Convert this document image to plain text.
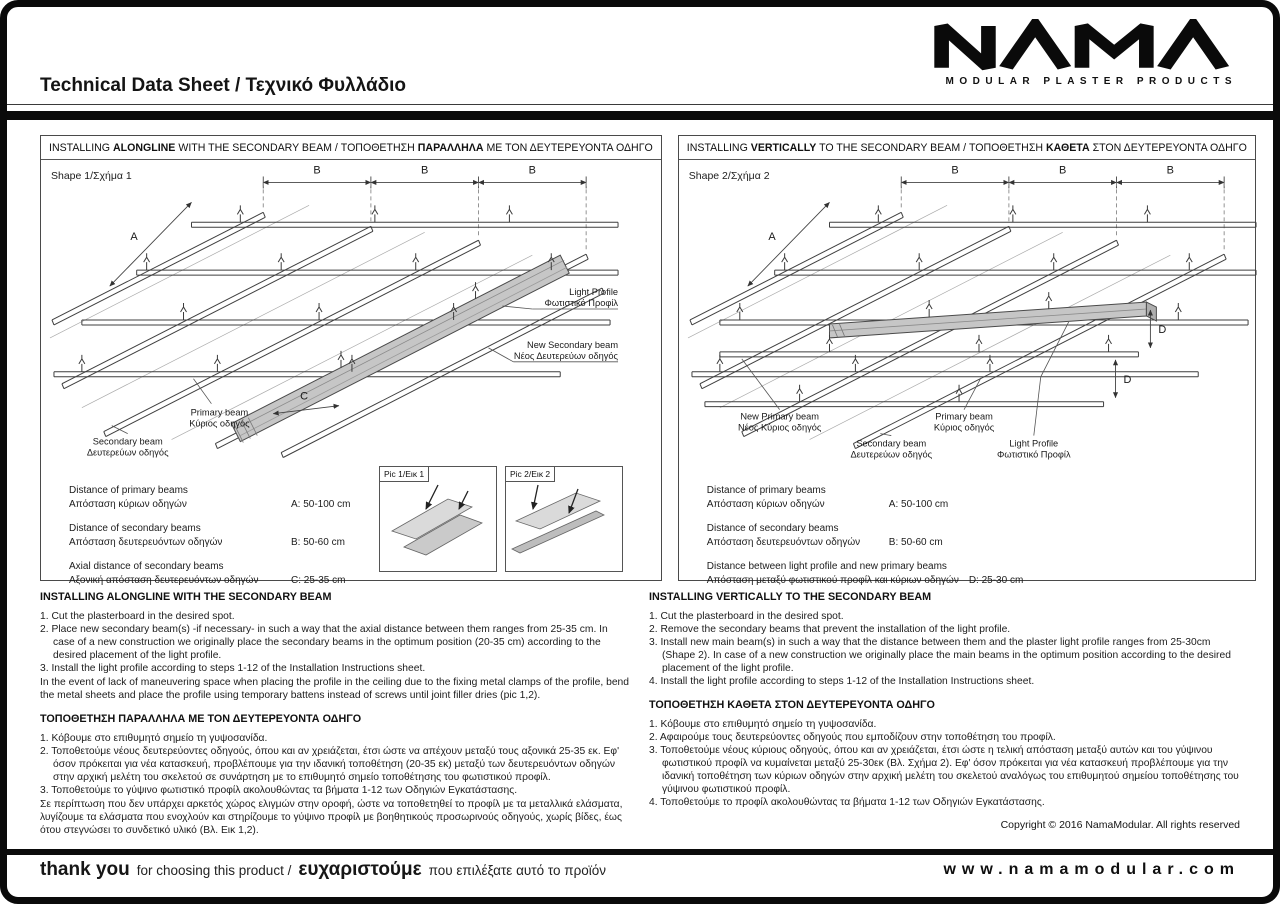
Technical Data Sheet / Τεχνικό Φυλλάδιο	MODULAR PLASTER PRODUCTS
INSTALLING ALONGLINE WITH THE SECONDARY BEAM / ΤΟΠΟΘΕΤΗΣΗ ΠΑΡΑΛΛΗΛΑ ΜΕ ΤΟΝ ΔΕΥΤΕΡΕΥΟΝΤΑ ΟΔΗΓΟ
Shape 1/Σχήμα 1	B	B	B
A
C
Light Profile
Φωτιστικό Προφίλ
New Secondary beam
Νέος Δευτερεύων οδηγός
Primary beam
Κύριος οδηγός
Secondary beam
Δευτερεύων οδηγός
Distance of primary beams
Απόσταση κύριων οδηγών	A: 50-100 cm
Distance of secondary beams
Απόσταση δευτερευόντων οδηγών	B: 50-60 cm
Axial distance of secondary beams
Αξονική απόσταση δευτερευόντων οδηγών	C: 25-35 cm
Pic 1/Εικ 1	Pic 2/Εικ 2
INSTALLING VERTICALLY TO THE SECONDARY BEAM / ΤΟΠΟΘΕΤΗΣΗ ΚΑΘΕΤΑ ΣΤΟΝ ΔΕΥΤΕΡΕΥΟΝΤΑ ΟΔΗΓΟ
Shape 2/Σχήμα 2	B	B	B
A
D
D
New Primary beam
Νέος Κύριος οδηγός
Secondary beam
Δευτερεύων οδηγός
Primary beam
Κύριος οδηγός
Light Profile
Φωτιστικό Προφίλ
Distance of primary beams
Απόσταση κύριων οδηγών	A: 50-100 cm
Distance of secondary beams
Απόσταση δευτερευόντων οδηγών	B: 50-60 cm
Distance between light profile and new primary beams
Απόσταση μεταξύ φωτιστικού προφίλ και κύριων οδηγών D: 25-30 cm
INSTALLING ALONGLINE WITH THE SECONDARY BEAM
1. Cut the plasterboard in the desired spot.
2. Place new secondary beam(s) -if necessary- in such a way that the axial distance between them ranges from 25-35 cm. In case of a new construction we originally place the secondary beams in the optimum position (20-35 cm) according to the desired placement of the light profile.
3. Install the light profile according to steps 1-12 of the Installation Instructions sheet.
In the event of lack of maneuvering space when placing the profile in the ceiling due to the fixing metal clamps of the profile, bend the metal sheets and place the profile using temporary battens instead of screws until joint filler dries (pic 1,2).
ΤΟΠΟΘΕΤΗΣΗ ΠΑΡΑΛΛΗΛΑ ΜΕ ΤΟΝ ΔΕΥΤΕΡΕΥΟΝΤΑ ΟΔΗΓΟ
1. Κόβουμε στο επιθυμητό σημείο τη γυψοσανίδα.
2. Τοποθετούμε νέους δευτερεύοντες οδηγούς, όπου και αν χρειάζεται, έτσι ώστε να απέχουν μεταξύ τους αξονικά 25-35 εκ. Εφ' όσον πρόκειται για νέα κατασκευή, προβλέπουμε για την ιδανική τοποθέτηση (20-35 εκ) μεταξύ των δευτερευόντων οδηγών στην αρχική μελέτη του σκελετού σε συνάρτηση με το επιθυμητό σημείο τοποθέτησης του φωτιστικού προφίλ.
3. Τοποθετούμε το γύψινο φωτιστικό προφίλ ακολουθώντας τα βήματα 1-12 των Οδηγιών Εγκατάστασης.
Σε περίπτωση που δεν υπάρχει αρκετός χώρος ελιγμών στην οροφή, ώστε να τοποθετηθεί το προφίλ με τα μεταλλικά ελάσματα, λυγίζουμε τα ελάσματα που ενοχλούν και στηρίζουμε το γύψινο προφίλ με βοηθητικούς προσωρινούς οδηγούς, χωρίς βίδες, έως ότου στεγνώσει το συνδετικό υλικό (Βλ. Εικ 1,2).
INSTALLING VERTICALLY TO THE SECONDARY BEAM
1. Cut the plasterboard in the desired spot.
2. Remove the secondary beams that prevent the installation of the light profile.
3. Install new main beam(s) in such a way that the distance between them and the plaster light profile ranges from 25-30cm (Shape 2). In case of a new construction we originally place the main beams in the optimum position according to the desired placement of the light profile.
4. Install the light profile according to steps 1-12 of the Installation Instructions sheet.
ΤΟΠΟΘΕΤΗΣΗ ΚΑΘΕΤΑ ΣΤΟΝ ΔΕΥΤΕΡΕΥΟΝΤΑ ΟΔΗΓΟ
1. Κόβουμε στο επιθυμητό σημείο τη γυψοσανίδα.
2. Αφαιρούμε τους δευτερεύοντες οδηγούς που εμποδίζουν στην τοποθέτηση του προφίλ.
3. Τοποθετούμε νέους κύριους οδηγούς, όπου και αν χρειάζεται, έτσι ώστε η τελική απόσταση μεταξύ αυτών και του γύψινου φωτιστικού προφίλ να κυμαίνεται μεταξύ 25-30εκ (Βλ. Σχήμα 2). Εφ' όσον πρόκειται για νέα κατασκευή προβλέπουμε για την ιδανική τοποθέτηση των κύριων οδηγών στην αρχική μελέτη του σκελετού αναλόγως του επιθυμητού σημείου τοποθέτησης του γύψινου φωτιστικού προφίλ.
4. Τοποθετούμε το προφίλ ακολουθώντας τα βήματα 1-12 των Οδηγιών Εγκατάστασης.
Copyright © 2016 NamaModular. All rights reserved
thank you for choosing this product / ευχαριστούμε που επιλέξατε αυτό το προϊόν	www.namamodular.com
